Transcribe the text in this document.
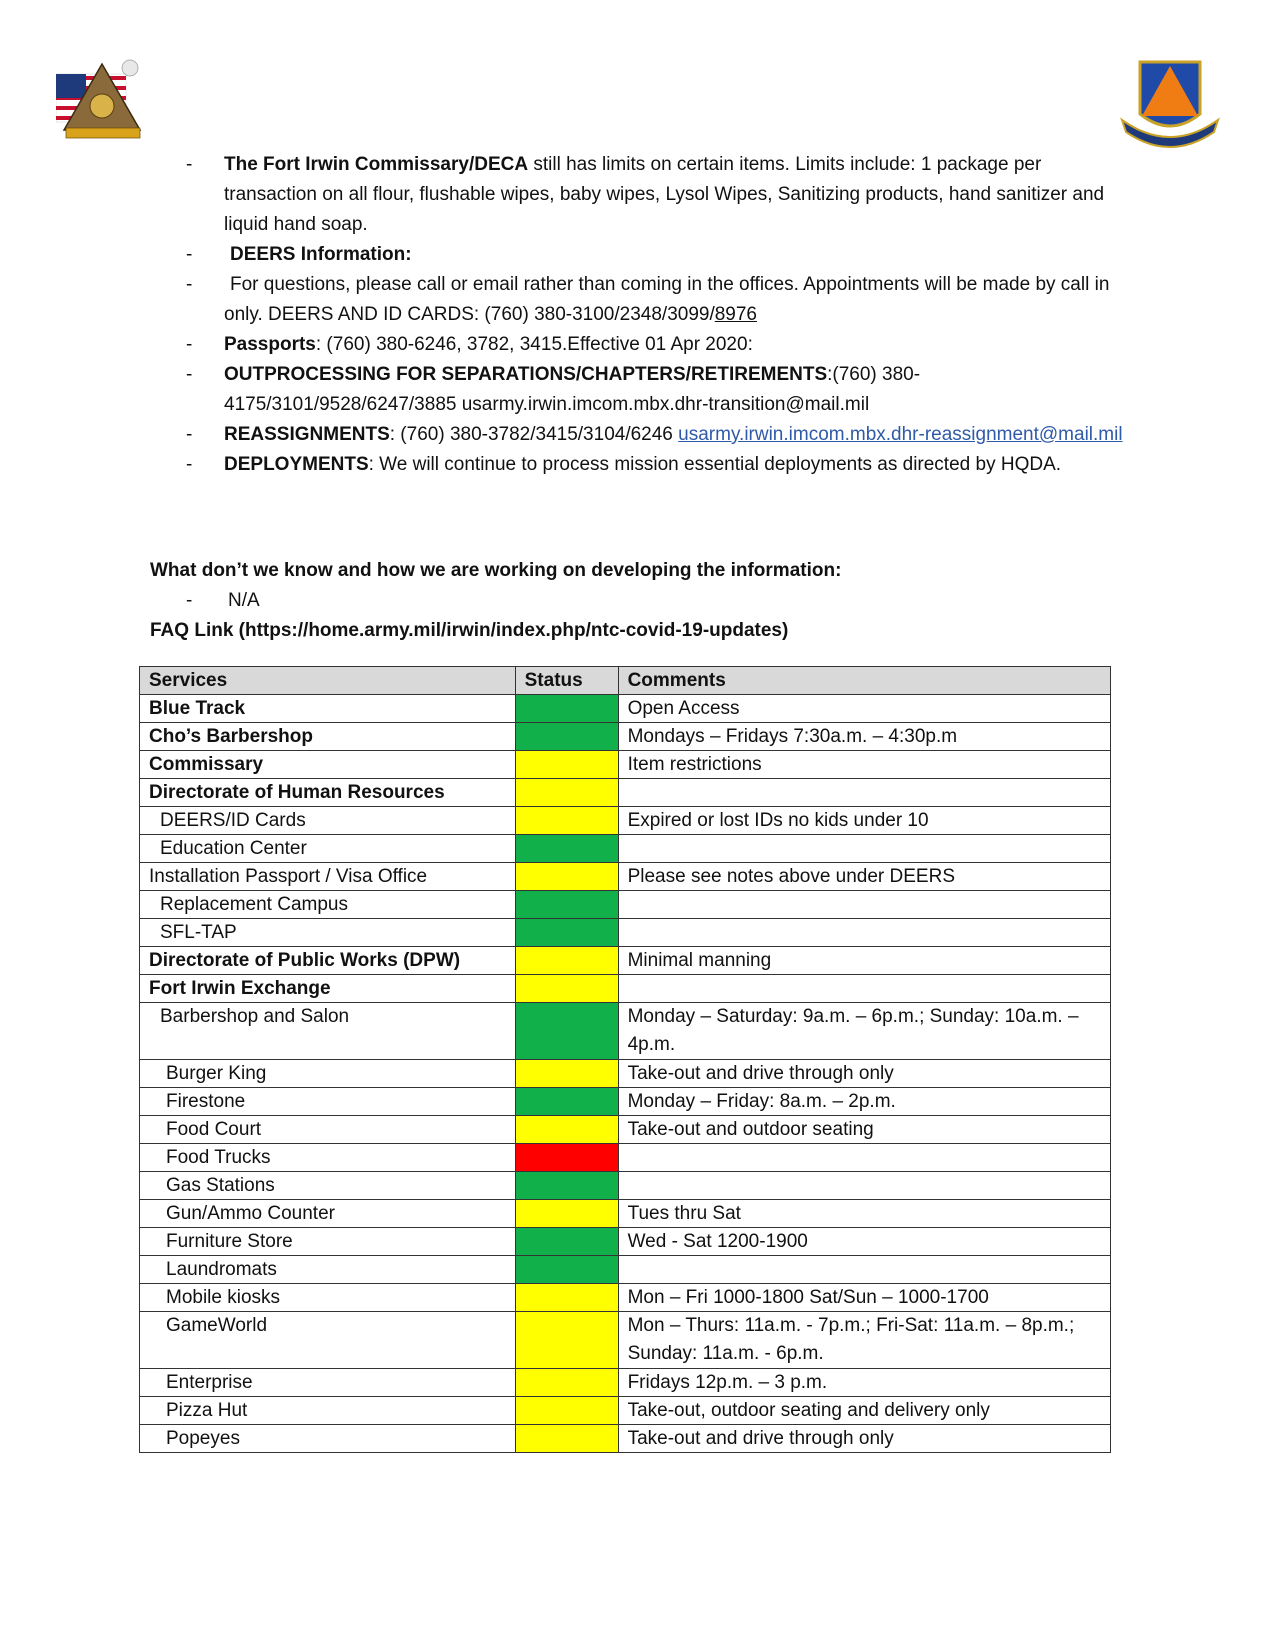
- The Fort Irwin Commissary/DECA still has limits on certain items. Limits include: 1 package per transaction on all flour, flushable wipes, baby wipes, Lysol Wipes, Sanitizing products, hand sanitizer and liquid hand soap.
- DEERS Information:
- For questions, please call or email rather than coming in the offices. Appointments will be made by call in only. DEERS AND ID CARDS: (760) 380-3100/2348/3099/8976
- Passports: (760) 380-6246, 3782, 3415.Effective 01 Apr 2020:
- OUTPROCESSING FOR SEPARATIONS/CHAPTERS/RETIREMENTS:(760) 380-4175/3101/9528/6247/3885 usarmy.irwin.imcom.mbx.dhr-transition@mail.mil
- REASSIGNMENTS: (760) 380-3782/3415/3104/6246 usarmy.irwin.imcom.mbx.dhr-reassignment@mail.mil
- DEPLOYMENTS: We will continue to process mission essential deployments as directed by HQDA.
What don’t we know and how we are working on developing the information:
- N/A
FAQ Link (https://home.army.mil/irwin/index.php/ntc-covid-19-updates)
Services	Status	Comments
Blue Track		Open Access
Cho’s Barbershop		Mondays – Fridays 7:30a.m. – 4:30p.m
Commissary		Item restrictions
Directorate of Human Resources		
DEERS/ID Cards		Expired or lost IDs no kids under 10
Education Center		
Installation Passport / Visa Office		Please see notes above under DEERS
Replacement Campus		
SFL-TAP		
Directorate of Public Works (DPW)		Minimal manning
Fort Irwin Exchange		
Barbershop and Salon		Monday – Saturday: 9a.m. – 6p.m.; Sunday: 10a.m. – 4p.m.
Burger King		Take-out and drive through only
Firestone		Monday – Friday: 8a.m. – 2p.m.
Food Court		Take-out and outdoor seating
Food Trucks		
Gas Stations		
Gun/Ammo Counter		Tues thru Sat
Furniture Store		Wed - Sat 1200-1900
Laundromats		
Mobile kiosks		Mon – Fri 1000-1800 Sat/Sun – 1000-1700
GameWorld		Mon – Thurs: 11a.m. - 7p.m.; Fri-Sat: 11a.m. – 8p.m.; Sunday: 11a.m. - 6p.m.
Enterprise		Fridays 12p.m. – 3 p.m.
Pizza Hut		Take-out, outdoor seating and delivery only
Popeyes		Take-out and drive through only
